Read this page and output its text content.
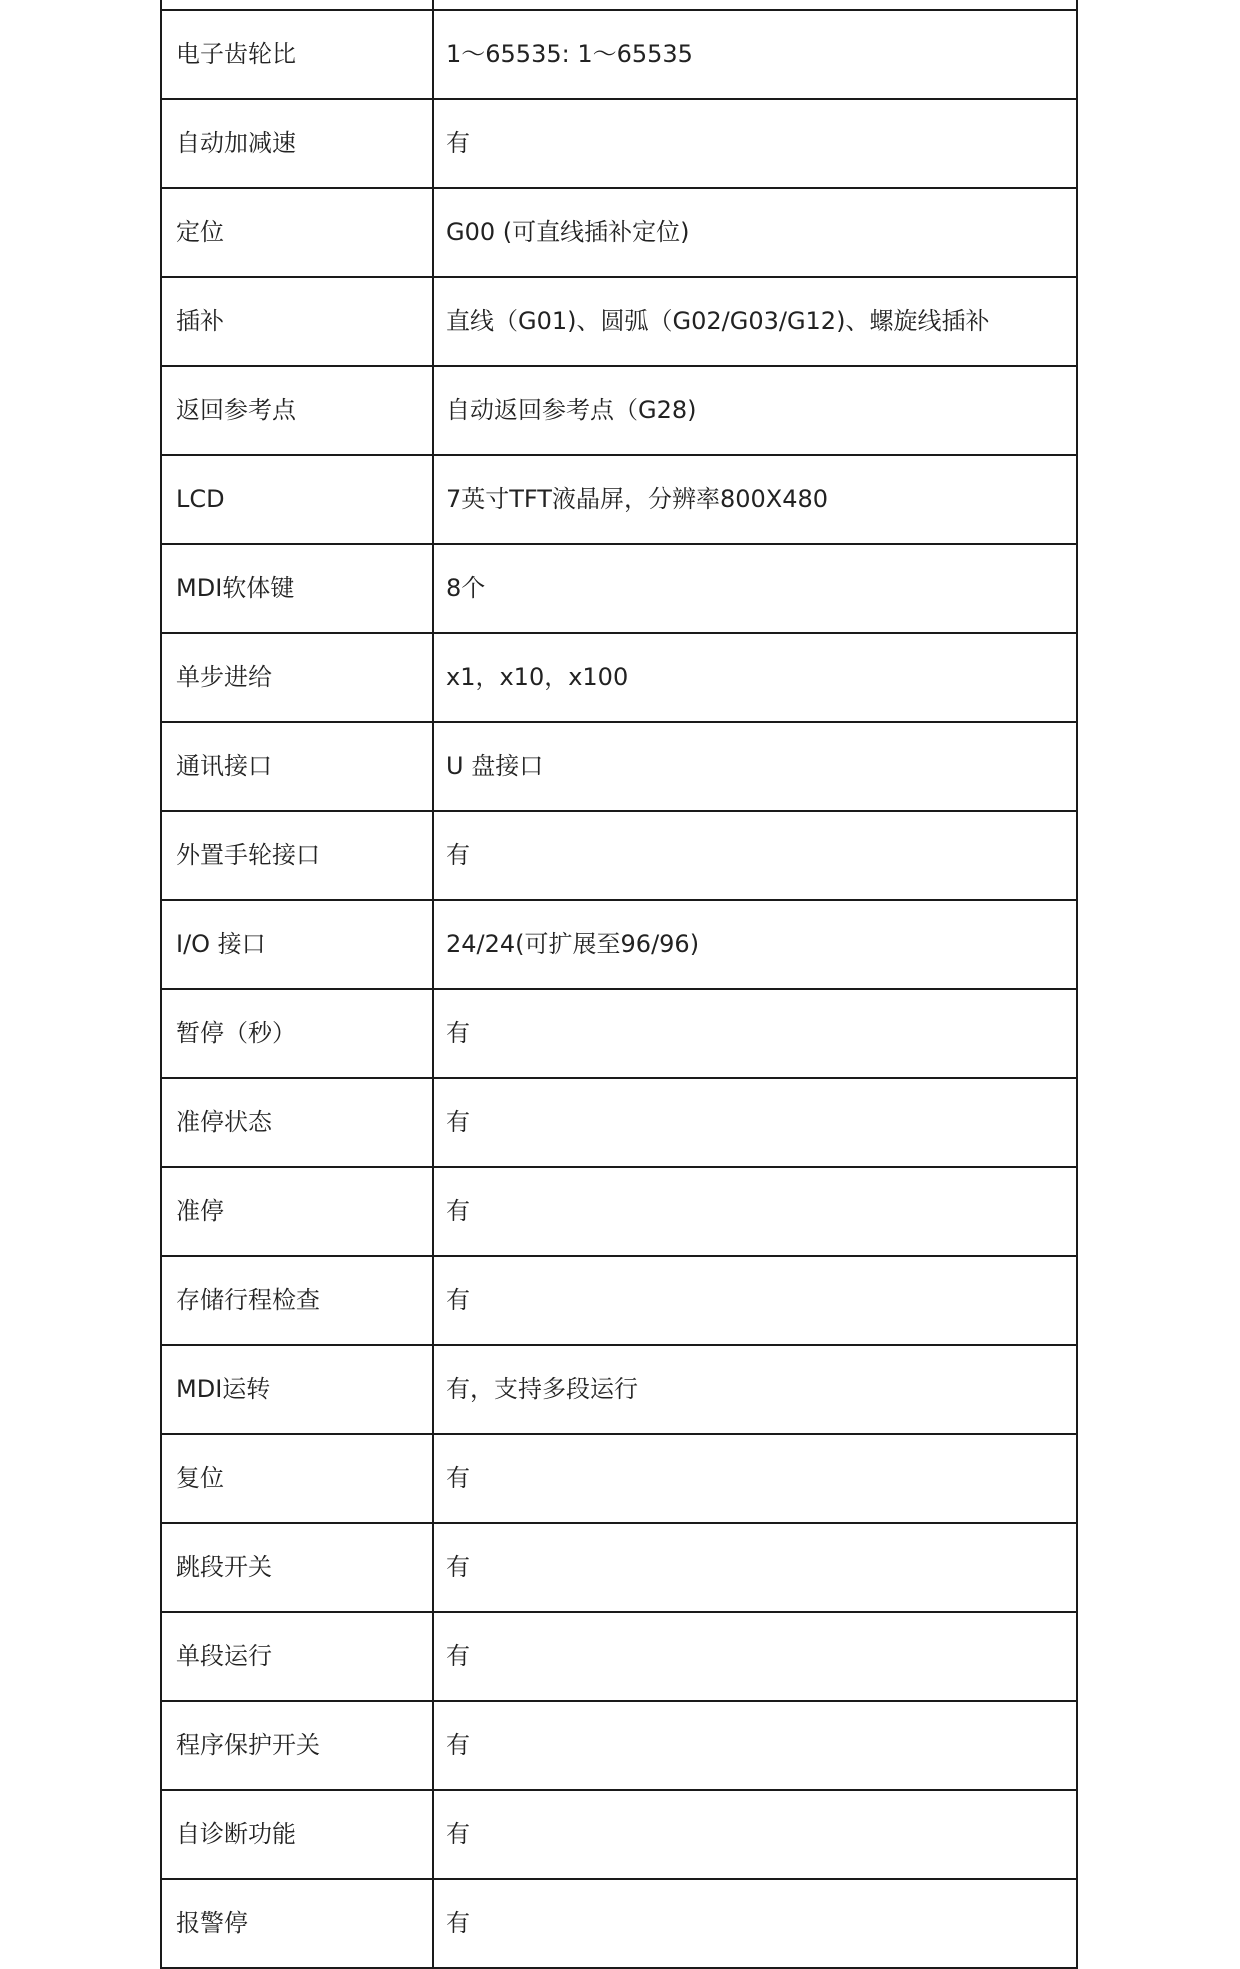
电子齿轮比	1～65535: 1～65535
自动加减速	有
定位	G00 (可直线插补定位)
插补	直线（G01)、圆弧（G02/G03/G12)、螺旋线插补
返回参考点	自动返回参考点（G28)
LCD	7英寸TFT液晶屏，分辨率800X480
MDI软体键	8个
单步进给	x1，x10，x100
通讯接口	U 盘接口
外置手轮接口	有
I/O 接口	24/24(可扩展至96/96)
暂停（秒）	有
准停状态	有
准停	有
存储行程检查	有
MDI运转	有，支持多段运行
复位	有
跳段开关	有
单段运行	有
程序保护开关	有
自诊断功能	有
报警停	有
